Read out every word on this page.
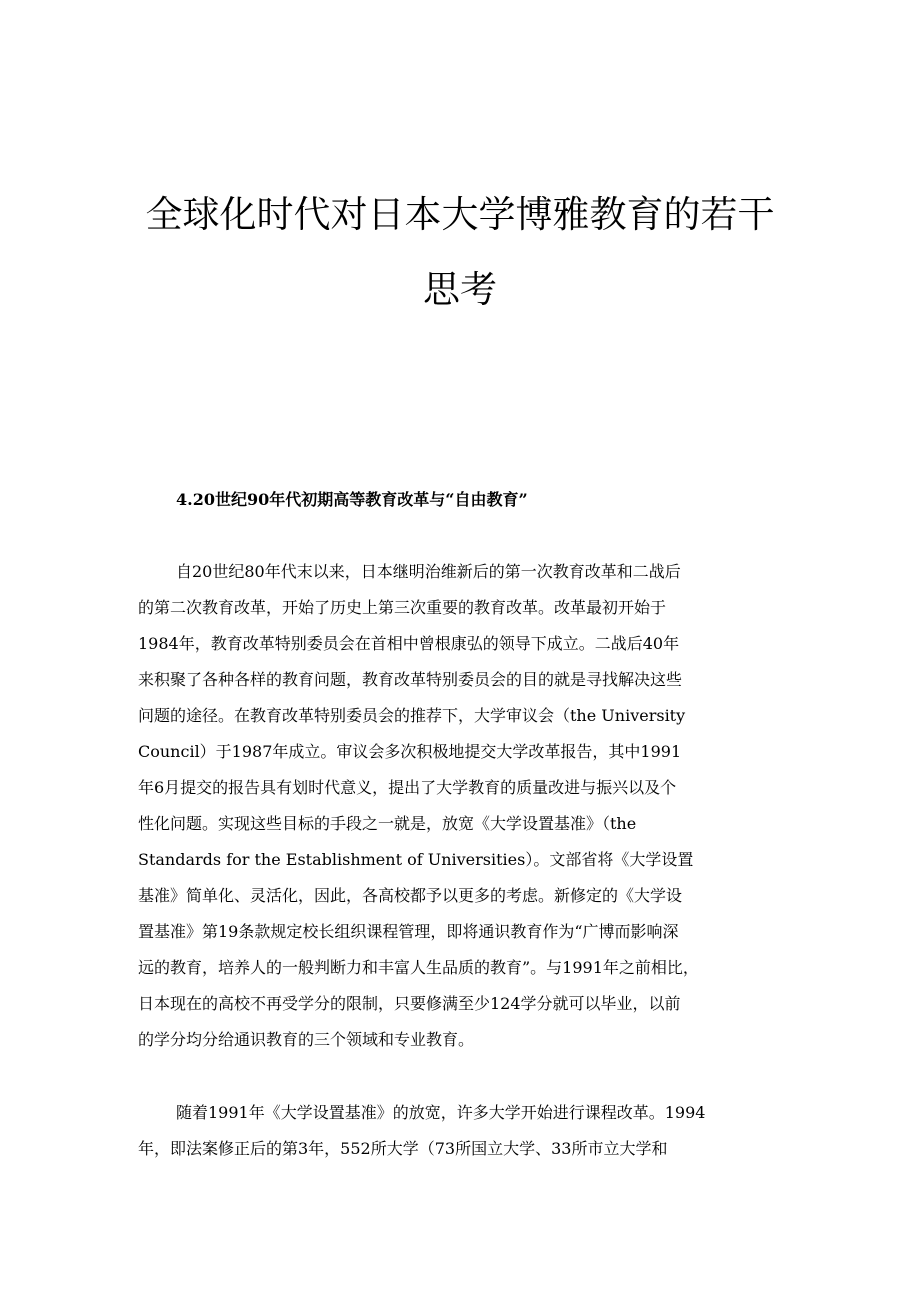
全球化时代对日本大学博雅教育的若干
思考
4.20世纪90年代初期高等教育改革与“自由教育”

自20世纪80年代末以来，日本继明治维新后的第一次教育改革和二战后

的第二次教育改革，开始了历史上第三次重要的教育改革。改革最初开始于

1984年，教育改革特别委员会在首相中曾根康弘的领导下成立。二战后40年

来积聚了各种各样的教育问题，教育改革特别委员会的目的就是寻找解决这些

问题的途径。在教育改革特别委员会的推荐下，大学审议会（the University

Council）于1987年成立。审议会多次积极地提交大学改革报告，其中1991

年6月提交的报告具有划时代意义，提出了大学教育的质量改进与振兴以及个

性化问题。实现这些目标的手段之一就是，放宽《大学设置基准》（the

Standards for the Establishment of Universities）。文部省将《大学设置

基准》简单化、灵活化，因此，各高校都予以更多的考虑。新修定的《大学设

置基准》第19条款规定校长组织课程管理，即将通识教育作为“广博而影响深

远的教育，培养人的一般判断力和丰富人生品质的教育”。与1991年之前相比，

日本现在的高校不再受学分的限制，只要修满至少124学分就可以毕业，以前

的学分均分给通识教育的三个领域和专业教育。

随着1991年《大学设置基准》的放宽，许多大学开始进行课程改革。1994

年，即法案修正后的第3年，552所大学（73所国立大学、33所市立大学和
